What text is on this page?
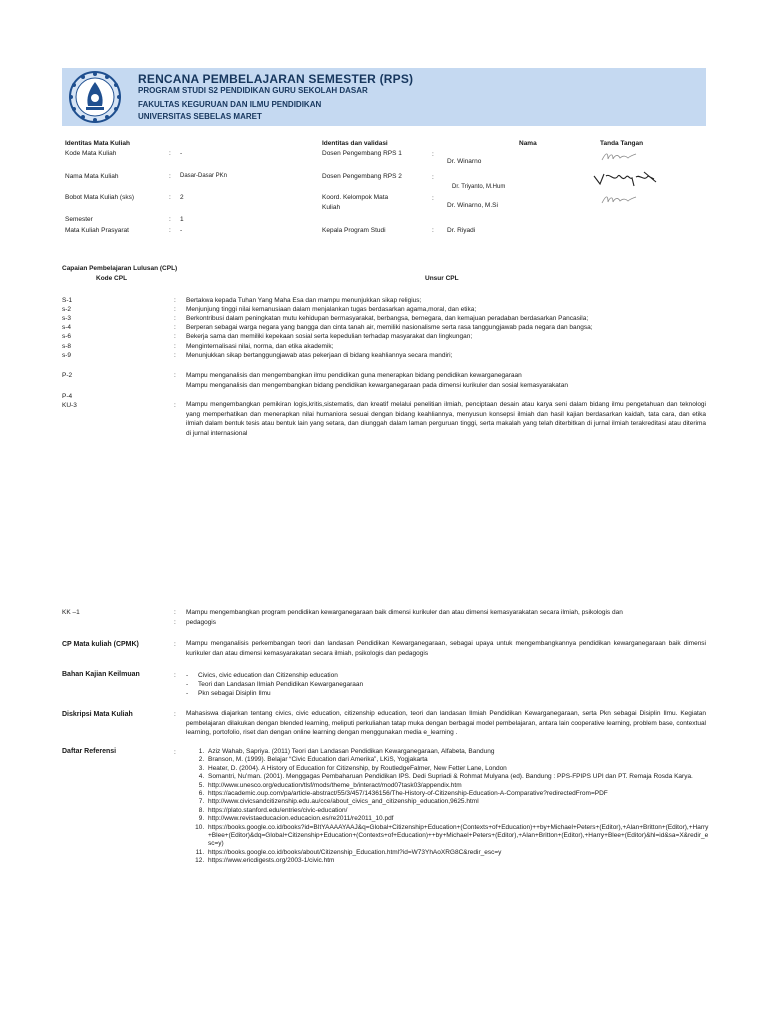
RENCANA PEMBELAJARAN SEMESTER (RPS)
PROGRAM STUDI S2 PENDIDIKAN GURU SEKOLAH DASAR
FAKULTAS KEGURUAN DAN ILMU PENDIDIKAN
UNIVERSITAS SEBELAS MARET
Identitas Mata Kuliah
Kode Mata Kuliah	: -
Nama Mata Kuliah	: Dasar-Dasar PKn
Bobot Mata Kuliah (sks)	: 2
Semester	: 1
Mata Kuliah Prasyarat	: -
Identitas dan validasi	Nama	Tanda Tangan
Dosen Pengembang RPS 1	:
Dr. Winarno
Dosen Pengembang RPS 2	:
Dr. Triyanto, M.Hum
Koord. Kelompok Mata
Kuliah
:
Dr. Winarno, M.Si
Kepala Program Studi	: Dr. Riyadi
Capaian Pembelajaran Lulusan (CPL)
Kode CPL	Unsur CPL
S-1	: Bertakwa kepada Tuhan Yang Maha Esa dan mampu menunjukkan sikap religius;
s-2	: Menjunjung tinggi nilai kemanusiaan dalam menjalankan tugas berdasarkan agama,moral, dan etika;
s-3	: Berkontribusi dalam peningkatan mutu kehidupan bermasyarakat, berbangsa, bernegara, dan kemajuan peradaban berdasarkan Pancasila;
s-4	: Berperan sebagai warga negara yang bangga dan cinta tanah air, memiliki nasionalisme serta rasa tanggungjawab pada negara dan bangsa;
s-6	: Bekerja sama dan memiliki kepekaan sosial serta kepedulian terhadap masyarakat dan lingkungan;
s-8	: Menginternalisasi nilai, norma, dan etika akademik;
s-9	: Menunjukkan sikap bertanggungjawab atas pekerjaan di bidang keahliannya secara mandiri;
P-2	: Mampu menganalisis dan mengembangkan ilmu pendidikan guna menerapkan bidang pendidikan kewarganegaraan
Mampu menganalisis dan mengembangkan bidang pendidikan kewarganegaraan pada dimensi kurikuler dan sosial kemasyarakatan
P-4
KU-3	: Mampu mengembangkan pemikiran logis,kritis,sistematis, dan kreatif melalui penelitian ilmiah, penciptaan desain atau karya seni dalam bidang ilmu pengetahuan dan teknologi yang memperhatikan dan menerapkan nilai humaniora sesuai dengan bidang keahliannya, menyusun konsepsi ilmiah dan hasil kajian berdasarkan kaidah, tata cara, dan etika ilmiah dalam bentuk tesis atau bentuk lain yang setara, dan diunggah dalam laman perguruan tinggi, serta makalah yang telah diterbitkan di jurnal ilmiah terakreditasi atau diterima di jurnal internasional
KK –1	:
:
Mampu mengembangkan program pendidikan kewarganegaraan baik dimensi kurikuler dan atau dimensi kemasyarakatan secara ilmiah, psikologis dan
pedagogis
CP Mata kuliah (CPMK)	: Mampu menganalisis perkembangan teori dan landasan Pendidikan Kewarganegaraan, sebagai upaya untuk mengembangkannya pendidikan kewarganegaraan baik dimensi kurikuler dan atau dimensi kemasyarakatan secara ilmiah, psikologis dan pedagogis
Bahan Kajian Keilmuan	: - Civics, civic education dan Citizenship education
- Teori dan Landasan Ilmiah Pendidikan Kewarganegaraan
- Pkn sebagai Disiplin Ilmu
Diskripsi Mata Kuliah	: Mahasiswa diajarkan tentang civics, civic education, citizenship education, teori dan landasan Ilmiah Pendidikan Kewarganegaraan, serta Pkn sebagai Disiplin Ilmu. Kegiatan pembelajaran dilakukan dengan blended learning, meliputi perkuliahan tatap muka dengan berbagai model pembelajaran, antara lain cooperative learning, problem base, contextual learning, portofolio, riset dan dengan online learning dengan menggunakan media e_learning .
Daftar Referensi	:
1.	Aziz Wahab, Sapriya. (2011) Teori dan Landasan Pendidikan Kewarganegaraan, Alfabeta, Bandung
2. Branson, M. (1999). Belajar “Civic Education dari Amerika”, LKiS, Yogjakarta
3. Heater, D. (2004). A History of Education for Citizenship, by RoutledgeFalmer, New Fetter Lane, London
4. Somantri, Nu’man. (2001). Menggagas Pembaharuan Pendidikan IPS. Dedi Supriadi & Rohmat Mulyana (ed). Bandung : PPS-FPIPS UPI dan PT. Remaja Rosda Karya.
5. http://www.unesco.org/education/tlsf/mods/theme_b/interact/mod07task03/appendix.htm
6. https://academic.oup.com/pa/article-abstract/55/3/457/1436156/The-History-of-Citizenship-Education-A-Comparative?redirectedFrom=PDF
7. http://www.civicsandcitizenship.edu.au/cce/about_civics_and_citizenship_education,9625.html
8. https://plato.stanford.edu/entries/civic-education/
9. http://www.revistaeducacion.educacion.es/re2011/re2011_10.pdf
10. https://books.google.co.id/books?id=BItYAAAAYAAJ&q=Global+Citizenship+Education+(Contexts+of+Education)++by+Michael+Peters+(Editor),+Alan+Britton+(Editor),+Harry+Blee+(Editor)&dq=Global+Citizenship+Education+(Contexts+of+Education)++by+Michael+Peters+(Editor),+Alan+Britton+(Editor),+Harry+Blee+(Editor)&hl=id&sa=X&redir_esc=y)
11. https://books.google.co.id/books/about/Citizenship_Education.html?id=W73YhAoXRG8C&redir_esc=y
12. https://www.ericdigests.org/2003-1/civic.htm
